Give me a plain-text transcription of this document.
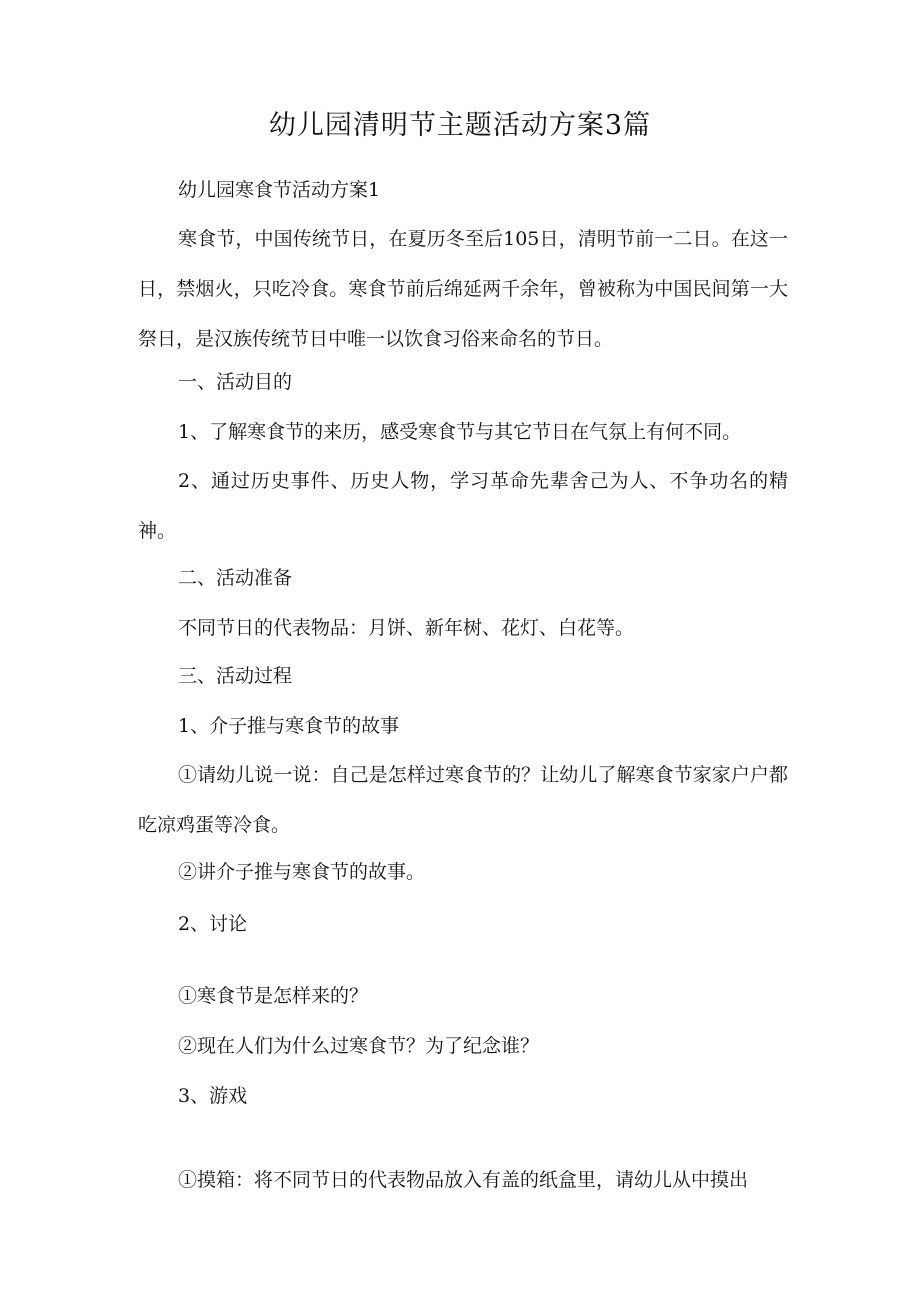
幼儿园清明节主题活动方案3篇

幼儿园寒食节活动方案1

寒食节，中国传统节日，在夏历冬至后105日，清明节前一二日。在这一日，禁烟火，只吃冷食。寒食节前后绵延两千余年，曾被称为中国民间第一大祭日，是汉族传统节日中唯一以饮食习俗来命名的节日。

一、活动目的

1、了解寒食节的来历，感受寒食节与其它节日在气氛上有何不同。

2、通过历史事件、历史人物，学习革命先辈舍己为人、不争功名的精神。

二、活动准备

不同节日的代表物品：月饼、新年树、花灯、白花等。

三、活动过程

1、介子推与寒食节的故事

①请幼儿说一说：自己是怎样过寒食节的？让幼儿了解寒食节家家户户都吃凉鸡蛋等冷食。

②讲介子推与寒食节的故事。

2、讨论

①寒食节是怎样来的？

②现在人们为什么过寒食节？为了纪念谁？

3、游戏

①摸箱：将不同节日的代表物品放入有盖的纸盒里，请幼儿从中摸出
